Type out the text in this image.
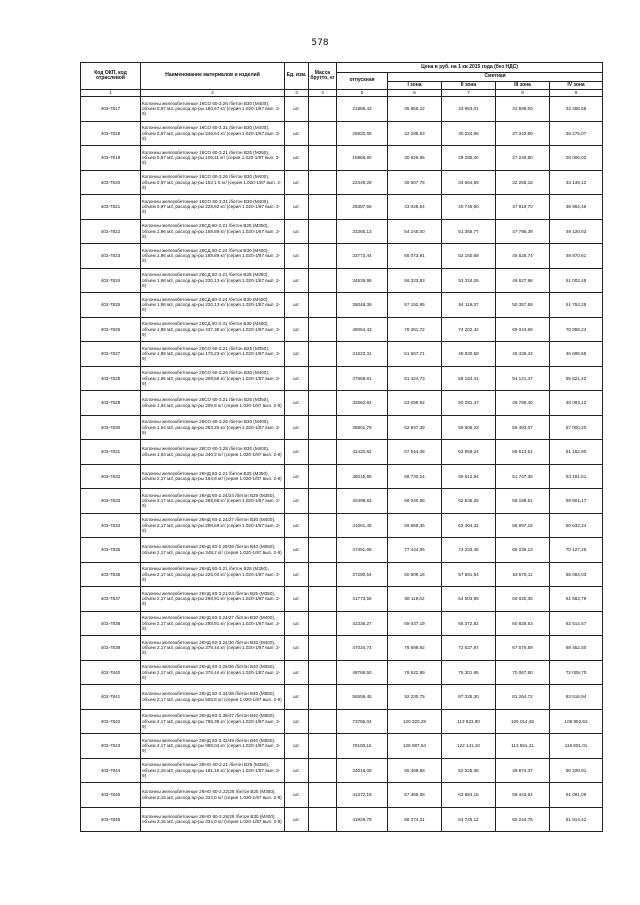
578
Код ОКП, код отраслевой	Наименование материалов и изделий	Ед. изм.	Масса брутто, кг	Цена в руб. на 1 кв 2015 года (без НДС)				
				отпускная	Сметная			
					I зона	II зона	III зона	IV зона
1	2	3	4	5	6	7	8	9
403-7817	Колонны железобетонные 1КСО 60-2.26 /бетон В30 (М400), объем 0,97 м3, расход ар-ры 150,67 кг/ (серия 1.020-1/87 вып. 2-9)	шт.		21988,43	35 856,22	33 953,01	31 595,00	32 468,58
403-7818	Колонны железобетонные 1КСО 60-2.31 /бетон В30 (М400), объем 0,97 м3, расход ар-ры 246,64 кг/ (серия 1.020-1/87 вып. 2-9)	шт.		25920,69	42 288,53	40 024,96	37 342,90	38 275,07
403-7819	Колонны железобетонные 1КСО 60-3.21 /бетон В25 (М350), объем 0,97 м3, расход ар-ры 106,11 кг/ (серия 1.020-1/87 вып. 2-9)	шт.		18966,60	30 926,95	29 285,40	27 249,80	28 005,02
403-7820	Колонны железобетонные 1КСО 60-3.26 /бетон В30 (М400), объем 0,97 м3, расход ар-ры 153,1 5 кг/ (серия 1.020-1/87 вып. 2-9)	шт.		22449,29	36 607,76	34 664,69	32 258,18	33 149,12
403-7821	Колонны железобетонные 1КСО 60-3.31 /бетон В30 (М400), объем 0,97 м3, расход ар-ры 228,92 кг/ (серия 1.020-1/87 вып. 2-9)	шт.		26387,56	43 028,64	40 745,90	37 919,70	38 964,46
403-7822	Колонны железобетонные 2КСД 60-2.21 /бетон В25 (М350), объем 1,96 м3, расход ар-ры 189,89 кг/ (серия 1.020-1/87 вып. 2-9)	шт.		33265,13	54 245,00	51 365,77	47 795,39	49 120,02
403-7823	Колонны железобетонные 2КСД 60-2.24 /бетон В30 (М400), объем 1,96 м3, расход ар-ры 189,89 кг/ (серия 1.020-1/87 вып. 2-9)	шт.		33773,44	55 073,91	52 150,68	48 525,74	49 870,61
403-7824	Колонны железобетонные 2КСД 60-3.21 /бетон В25 (М350), объем 1,96 м3, расход ар-ры 220,13 кг/ (серия 1.020-1/87 вып. 2-9)	шт.		34539,95	56 323,83	53 334,26	49 627,96	51 002,45
403-7825	Колонны железобетонные 2КСД 60-3.24 /бетон В30 (М400), объем 1,96 м3, расход ар-ры 220,13 кг/ (серия 1.020-1/87 вып. 2-9)	шт.		35048,39	57 152,95	54 119,37	50 357,59	51 753,25
403-7826	Колонны железобетонные 2КСД 60-3.31 /бетон В30 (М400), объем 1,96 м3, расход ар-ры 437,39 кг/ (серия 1.020-1/87 вып. 2-9)	шт.		48054,43	78 361,72	74 202,42	69 044,69	70 958,24
403-7827	Колонны железобетонные 2КСО 60-2.21 /бетон В25 (М350), объем 1,96 м3, расход ар-ры 176,23 кг/ (серия 1.020-1/87 вып. 2-9)	шт.		31623,31	51 567,71	48 830,59	45 436,43	46 695,58
403-7828	Колонны железобетонные 2КСО 60-2.26 /бетон В30 (М400), объем 1,96 м3, расход ар-ры 208,68 кг/ (серия 1.020-1/87 вып. 2-9)	шт.		37668,91	61 424,73	58 164,41	54 121,47	55 621,42
403-7829	Колонны железобетонные 2КСО 60-3.21 /бетон В25 (М350), объем 1,94 м3, расход ар-ры 209,8 кг/ (серия 1.020-1/87 вып. 2-9)	шт.		32562,92	53 099,92	50 281,47	46 786,40	48 083,12
403-7830	Колонны железобетонные 2КСО 60-3.26 /бетон В30 (М400), объем 1,94 м3, расход ар-ры 283,25 кг/ (серия 1.020-1/87 вып. 2-9)	шт.		38601,75	62 947,39	59 606,23	55 463,07	57 000,20
403-7831	Колонны железобетонные 2КСО 60-3.28 /бетон В30 (М400), объем 1,94 м3, расход ар-ры 340,3 кг/ (серия 1.020-1/87 вып. 2-9)	шт.		41420,82	67 544,38	63 959,24	59 513,51	61 162,90
403-7832	Колонны железобетонные 2КНД 60-2.21 /бетон В25 (М350), объем 2,17 м3, расход ар-ры 194,8 кг/ (серия 1.020-1/87 вып. 2-9)	шт.		36015,65	58 730,24	55 612,94	51 747,35	53 181,51
403-7833	Колонны железобетонные 2КНД 60-2.24/24 /бетон В25 (М350), объем 2,17 м3, расход ар-ры 288,68 кг/ (серия 1.020-1/87 вып. 2-9)	шт.		40498,63	66 040,58	62 535,26	58 188,51	59 801,17
403-7834	Колонны железобетонные 2КНД 60-2.24/27 /бетон В30 (М400), объем 2,17 м3, расход ар-ры 288,68 кг/ (серия 1.020-1/87 вып. 2-9)	шт.		41061,45	66 958,35	63 404,32	58 997,16	60 632,24
403-7835	Колонны железобетонные 2КНД 60-2.29/36 /бетон В40 (М550), объем 2,17 м3, расход ар-ры 348,2 кг/ (серия 1.020-1/87 вып. 2-9)	шт.		47491,68	77 444,05	73 333,45	68 235,13	70 127,25
403-7836	Колонны железобетонные 2КНД 60-3.21 /бетон В25 (М350), объем 2,17 м3, расход ар-ры 225,04 кг/ (серия 1.020-1/87 вып. 2-9)	шт.		37290,54	60 809,16	57 581,54	53 578,11	55 064,03
403-7837	Колонны железобетонные 2КНД 60-3.21/24 /бетон В25 (М350), объем 2,17 м3, расход ар-ры 298,91 кг/ (серия 1.020-1/87 вып. 2-9)	шт.		41773,59	68 119,62	64 503,95	60 020,35	61 683,79
403-7838	Колонны железобетонные 2КНД 60-3.24/27 /бетон В30 (М400), объем 2,17 м3, расход ар-ры 298,91 кг/ (серия 1.020-1/87 вып. 2-9)	шт.		42336,27	69 037,19	65 372,82	60 828,63	62 514,67
403-7839	Колонны железобетонные 2КНД 60-3.24/30 /бетон В33 (М400), объем 2,17 м3, расход ар-ры 378,44 кг/ (серия 1.020-1/87 вып. 2-9)	шт.		47034,74	76 698,92	72 627,87	67 579,59	69 452,50
403-7840	Колонны железобетонные 2КНД 60-3.29/36 /бетон В40 (М550), объем 2,17 м3, расход ар-ры 376,44 кг/ (серия 1.020-1/87 вып. 2-9)	шт.		48766,50	79 522,89	75 301,95	70 067,80	72 009,70
403-7841	Колонны железобетонные 2КНД 60-3.34/38 /бетон В40 (М550), объем 2,17 м3, расход ар-ры 508,8 кг/ (серия 1.020-1/87 вып. 2-9)	шт.		56559,45	92 230,75	87 335,30	81 264,72	83 516,94
403-7842	Колонны железобетонные 2КНД 60-3.38/47 /бетон В40 (М550), объем 2,17 м3, расход ар-ры 796,38 кг/ (серия 1.020-1/87 вып. 2-9)	шт.		73765,04	120 320,29	113 923,90	106 014,48	108 952,63
403-7843	Колонны железобетонные 2КНД 60-3.43/49 /бетон В40 (М550), объем 2,17 м3, расход ар-ры 998,04 кг/ (серия 1.020-1/87 вып. 2-9)	шт.		79100,15	128 987,54	122 141,10	113 651,21	116 801,01
403-7844	Колонны железобетонные 2КНО 60-2.21 /бетон В25 (М350), объем 2,15 м3, расход ар-ры 181,15 кг/ (серия 1.020-1/87 вып. 2-9)	шт.		34016,09	55 469,58	52 525,35	48 874,37	50 228,91
403-7845	Колонны железобетонные 2КНО 60-2.22/26 /бетон В25 (М350), объем 2,15 м3, расход ар-ры 334,0 кг/ (серия 1.020-1/87 вып. 2-9)	шт.		41372,19	67 465,08	63 884,15	59 443,64	61 091,09
403-7846	Колонны железобетонные 2КНО 60-2.26/28 /бетон В30 (М400), объем 2,15 м3, расход ар-ры 334,0 кг/ (серия 1.020-1/87 вып. 2-9)	шт.		41929,78	68 374,31	64 745,12	60 244,76	61 914,42
